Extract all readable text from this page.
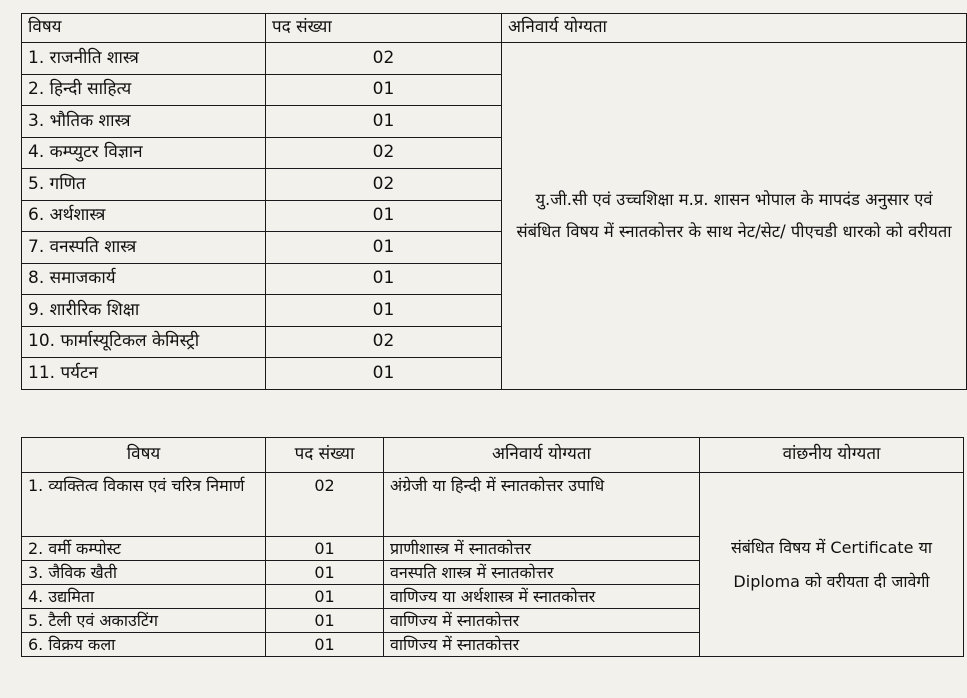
विषय	पद संख्या	अनिवार्य योग्यता
1. राजनीति शास्त्र	02	यु.जी.सी एवं उच्चशिक्षा म.प्र. शासन भोपाल के मापदंड अनुसार एवं संबंधित विषय में स्नातकोत्तर के साथ नेट/सेट/ पीएचडी धारको को वरीयता
2. हिन्दी साहित्य	01	
3. भौतिक शास्त्र	01	
4. कम्प्युटर विज्ञान	02	
5. गणित	02	
6. अर्थशास्त्र	01	
7. वनस्पति शास्त्र	01	
8. समाजकार्य	01	
9. शारीरिक शिक्षा	01	
10. फार्मास्यूटिकल केमिस्ट्री	02	
11. पर्यटन	01	
विषय	पद संख्या	अनिवार्य योग्यता	वांछनीय योग्यता
1. व्यक्तित्व विकास एवं चरित्र निमार्ण	02	अंग्रेजी या हिन्दी में स्नातकोत्तर उपाधि	संबंधित विषय में Certificate या Diploma को वरीयता दी जावेगी
2. वर्मी कम्पोस्ट	01	प्राणीशास्त्र में स्नातकोत्तर	
3. जैविक खैती	01	वनस्पति शास्त्र में स्नातकोत्तर	
4. उद्यमिता	01	वाणिज्य या अर्थशास्त्र में स्नातकोत्तर	
5. टैली एवं अकाउटिंग	01	वाणिज्य में स्नातकोत्तर	
6. विक्रय कला	01	वाणिज्य में स्नातकोत्तर	
